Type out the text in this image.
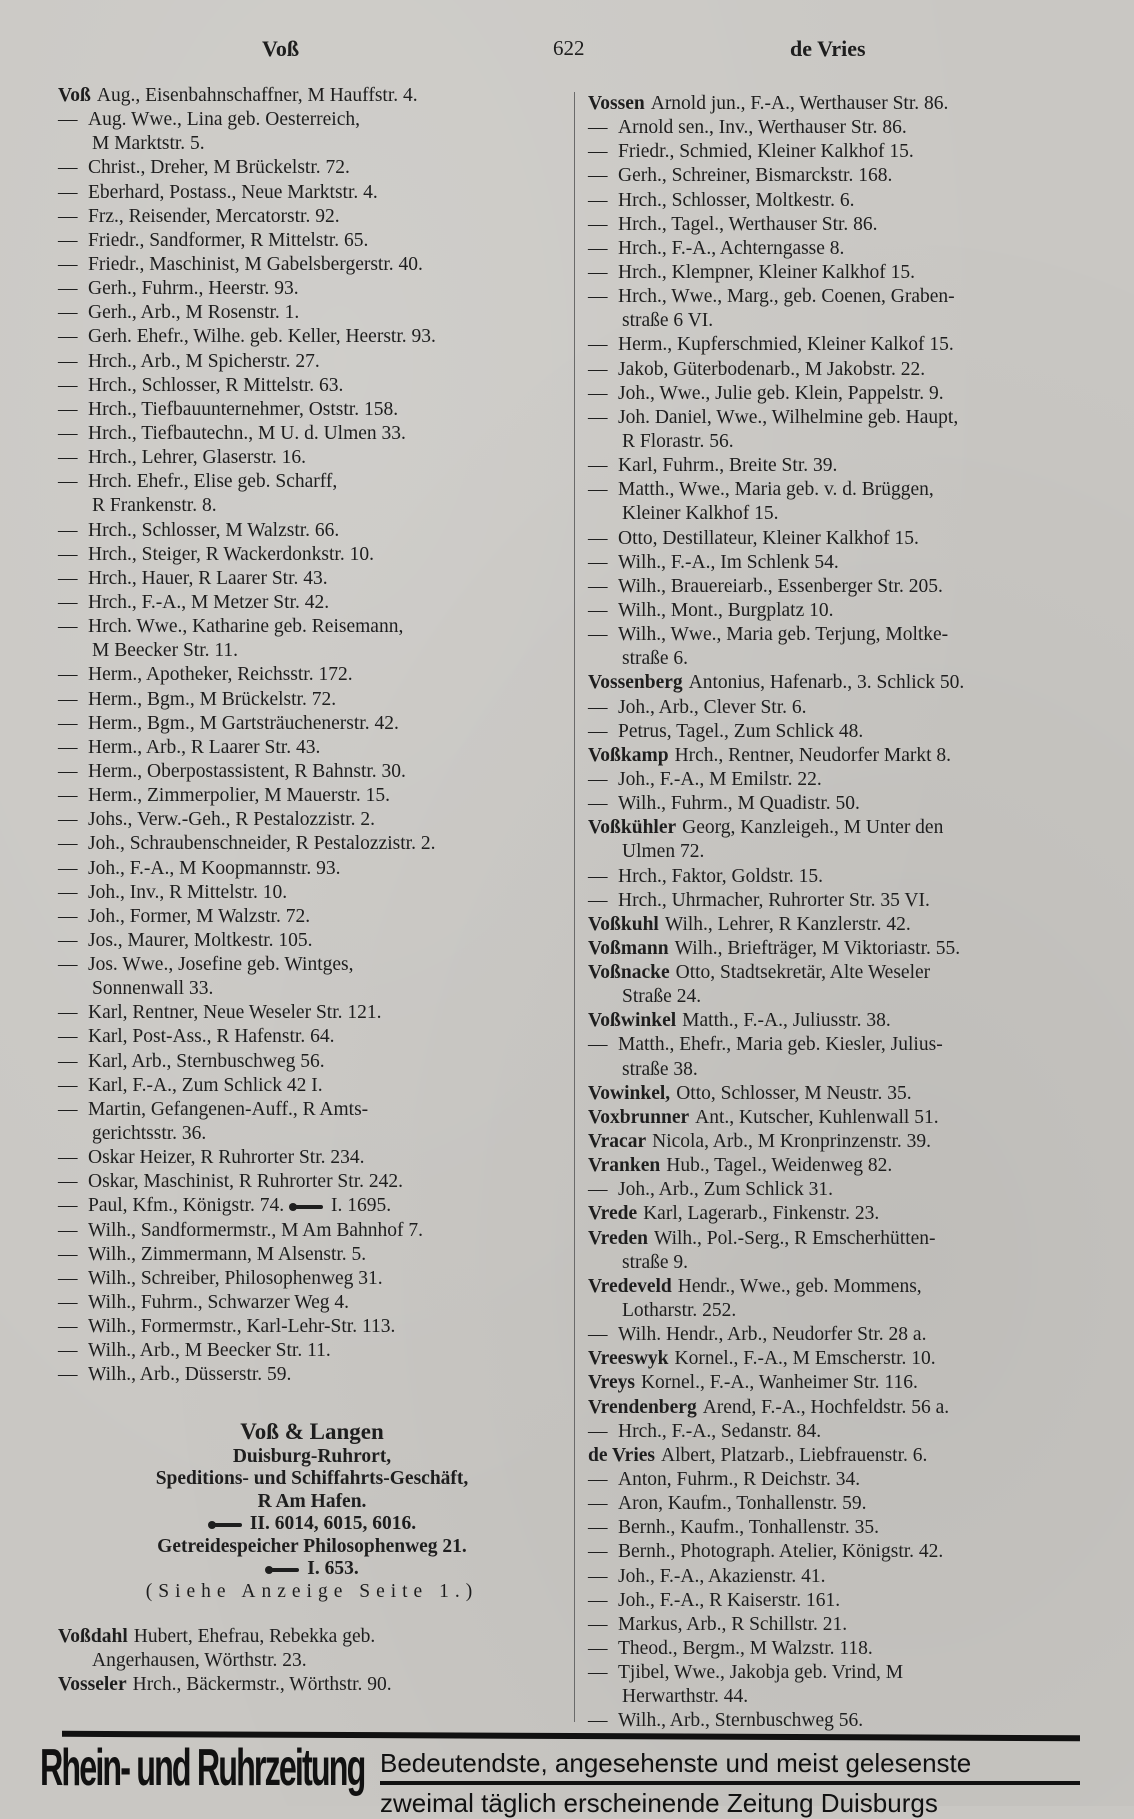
Voß	622	de Vries
Voß Aug., Eisenbahnschaffner, M Hauffstr. 4.
— Aug. Wwe., Lina geb. Oesterreich,
M Marktstr. 5.
— Christ., Dreher, M Brückelstr. 72.
— Eberhard, Postass., Neue Marktstr. 4.
— Frz., Reisender, Mercatorstr. 92.
— Friedr., Sandformer, R Mittelstr. 65.
— Friedr., Maschinist, M Gabelsbergerstr. 40.
— Gerh., Fuhrm., Heerstr. 93.
— Gerh., Arb., M Rosenstr. 1.
— Gerh. Ehefr., Wilhe. geb. Keller, Heerstr. 93.
— Hrch., Arb., M Spicherstr. 27.
— Hrch., Schlosser, R Mittelstr. 63.
— Hrch., Tiefbauunternehmer, Oststr. 158.
— Hrch., Tiefbautechn., M U. d. Ulmen 33.
— Hrch., Lehrer, Glaserstr. 16.
— Hrch. Ehefr., Elise geb. Scharff,
R Frankenstr. 8.
— Hrch., Schlosser, M Walzstr. 66.
— Hrch., Steiger, R Wackerdonkstr. 10.
— Hrch., Hauer, R Laarer Str. 43.
— Hrch., F.-A., M Metzer Str. 42.
— Hrch. Wwe., Katharine geb. Reisemann,
M Beecker Str. 11.
— Herm., Apotheker, Reichsstr. 172.
— Herm., Bgm., M Brückelstr. 72.
— Herm., Bgm., M Gartsträuchenerstr. 42.
— Herm., Arb., R Laarer Str. 43.
— Herm., Oberpostassistent, R Bahnstr. 30.
— Herm., Zimmerpolier, M Mauerstr. 15.
— Johs., Verw.-Geh., R Pestalozzistr. 2.
— Joh., Schraubenschneider, R Pestalozzistr. 2.
— Joh., F.-A., M Koopmannstr. 93.
— Joh., Inv., R Mittelstr. 10.
— Joh., Former, M Walzstr. 72.
— Jos., Maurer, Moltkestr. 105.
— Jos. Wwe., Josefine geb. Wintges,
Sonnenwall 33.
— Karl, Rentner, Neue Weseler Str. 121.
— Karl, Post-Ass., R Hafenstr. 64.
— Karl, Arb., Sternbuschweg 56.
— Karl, F.-A., Zum Schlick 42 I.
— Martin, Gefangenen-Auff., R Amts-
gerichtsstr. 36.
— Oskar Heizer, R Ruhrorter Str. 234.
— Oskar, Maschinist, R Ruhrorter Str. 242.
— Paul, Kfm., Königstr. 74. I. 1695.
— Wilh., Sandformermstr., M Am Bahnhof 7.
— Wilh., Zimmermann, M Alsenstr. 5.
— Wilh., Schreiber, Philosophenweg 31.
— Wilh., Fuhrm., Schwarzer Weg 4.
— Wilh., Formermstr., Karl-Lehr-Str. 113.
— Wilh., Arb., M Beecker Str. 11.
— Wilh., Arb., Düsserstr. 59.
Voß & Langen
Duisburg-Ruhrort,
Speditions- und Schiffahrts-Geschäft,
R Am Hafen.
II. 6014, 6015, 6016.
Getreidespeicher Philosophenweg 21.
I. 653.
(Siehe Anzeige Seite 1.)
Voßdahl Hubert, Ehefrau, Rebekka geb.
Angerhausen, Wörthstr. 23.
Vosseler Hrch., Bäckermstr., Wörthstr. 90.
Vossen Arnold jun., F.-A., Werthauser Str. 86.
— Arnold sen., Inv., Werthauser Str. 86.
— Friedr., Schmied, Kleiner Kalkhof 15.
— Gerh., Schreiner, Bismarckstr. 168.
— Hrch., Schlosser, Moltkestr. 6.
— Hrch., Tagel., Werthauser Str. 86.
— Hrch., F.-A., Achterngasse 8.
— Hrch., Klempner, Kleiner Kalkhof 15.
— Hrch., Wwe., Marg., geb. Coenen, Graben-
straße 6 VI.
— Herm., Kupferschmied, Kleiner Kalkof 15.
— Jakob, Güterbodenarb., M Jakobstr. 22.
— Joh., Wwe., Julie geb. Klein, Pappelstr. 9.
— Joh. Daniel, Wwe., Wilhelmine geb. Haupt,
R Florastr. 56.
— Karl, Fuhrm., Breite Str. 39.
— Matth., Wwe., Maria geb. v. d. Brüggen,
Kleiner Kalkhof 15.
— Otto, Destillateur, Kleiner Kalkhof 15.
— Wilh., F.-A., Im Schlenk 54.
— Wilh., Brauereiarb., Essenberger Str. 205.
— Wilh., Mont., Burgplatz 10.
— Wilh., Wwe., Maria geb. Terjung, Moltke-
straße 6.
Vossenberg Antonius, Hafenarb., 3. Schlick 50.
— Joh., Arb., Clever Str. 6.
— Petrus, Tagel., Zum Schlick 48.
Voßkamp Hrch., Rentner, Neudorfer Markt 8.
— Joh., F.-A., M Emilstr. 22.
— Wilh., Fuhrm., M Quadistr. 50.
Voßkühler Georg, Kanzleigeh., M Unter den
Ulmen 72.
— Hrch., Faktor, Goldstr. 15.
— Hrch., Uhrmacher, Ruhrorter Str. 35 VI.
Voßkuhl Wilh., Lehrer, R Kanzlerstr. 42.
Voßmann Wilh., Briefträger, M Viktoriastr. 55.
Voßnacke Otto, Stadtsekretär, Alte Weseler
Straße 24.
Voßwinkel Matth., F.-A., Juliusstr. 38.
— Matth., Ehefr., Maria geb. Kiesler, Julius-
straße 38.
Vowinkel, Otto, Schlosser, M Neustr. 35.
Voxbrunner Ant., Kutscher, Kuhlenwall 51.
Vracar Nicola, Arb., M Kronprinzenstr. 39.
Vranken Hub., Tagel., Weidenweg 82.
— Joh., Arb., Zum Schlick 31.
Vrede Karl, Lagerarb., Finkenstr. 23.
Vreden Wilh., Pol.-Serg., R Emscherhütten-
straße 9.
Vredeveld Hendr., Wwe., geb. Mommens,
Lotharstr. 252.
— Wilh. Hendr., Arb., Neudorfer Str. 28 a.
Vreeswyk Kornel., F.-A., M Emscherstr. 10.
Vreys Kornel., F.-A., Wanheimer Str. 116.
Vrendenberg Arend, F.-A., Hochfeldstr. 56 a.
— Hrch., F.-A., Sedanstr. 84.
de Vries Albert, Platzarb., Liebfrauenstr. 6.
— Anton, Fuhrm., R Deichstr. 34.
— Aron, Kaufm., Tonhallenstr. 59.
— Bernh., Kaufm., Tonhallenstr. 35.
— Bernh., Photograph. Atelier, Königstr. 42.
— Joh., F.-A., Akazienstr. 41.
— Joh., F.-A., R Kaiserstr. 161.
— Markus, Arb., R Schillstr. 21.
— Theod., Bergm., M Walzstr. 118.
— Tjibel, Wwe., Jakobja geb. Vrind, M
Herwarthstr. 44.
— Wilh., Arb., Sternbuschweg 56.
Rhein- und Ruhrzeitung Bedeutendste, angesehenste und meist gelesenste
zweimal täglich erscheinende Zeitung Duisburgs
